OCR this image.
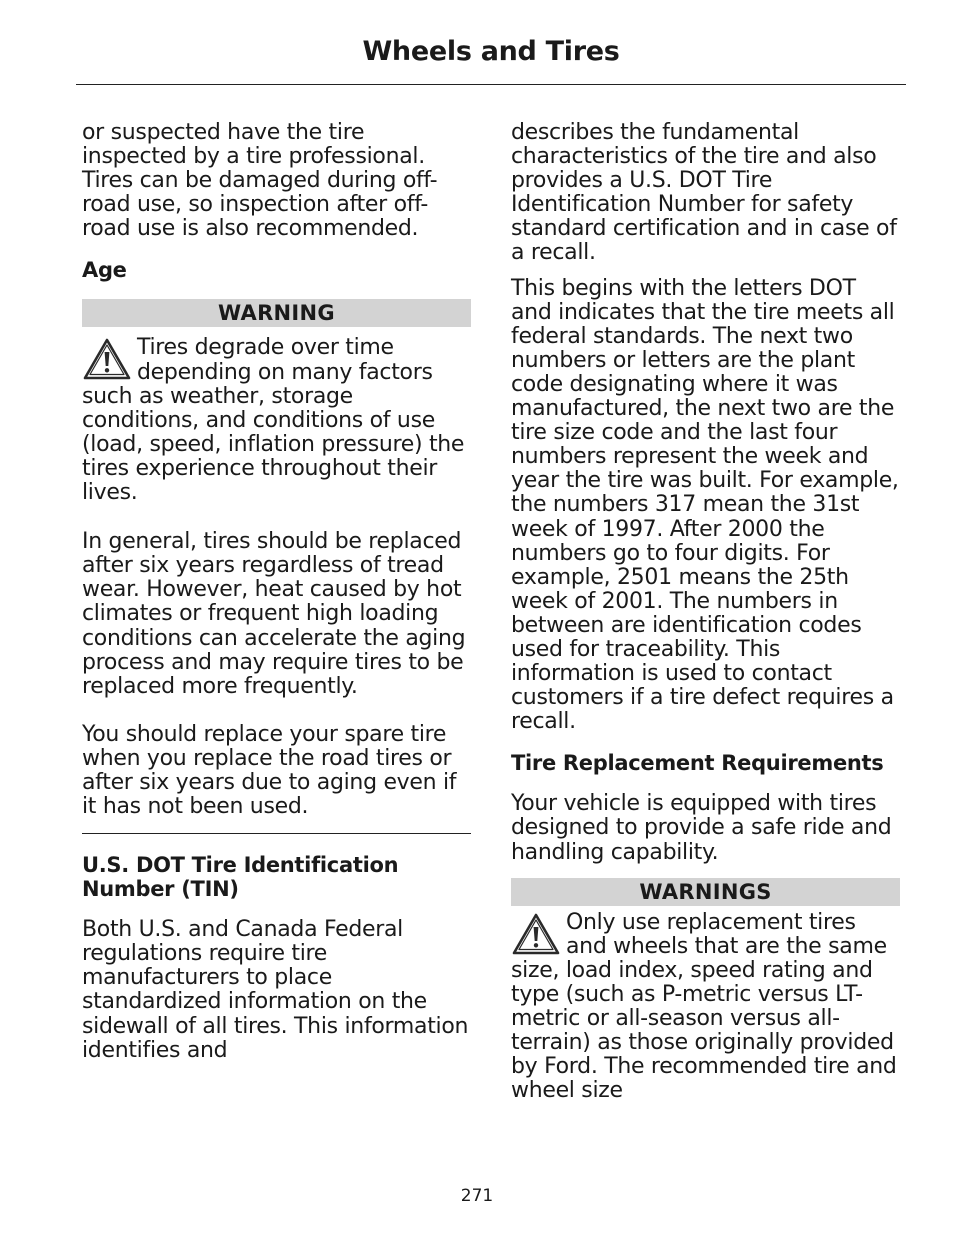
Wheels and Tires

or suspected have the tire inspected by a tire professional. Tires can be damaged during off-road use, so inspection after off-road use is also recommended.

Age
WARNING

Tires degrade over time depending on many factors such as weather, storage conditions, and conditions of use (load, speed, inflation pressure) the tires experience throughout their lives.

In general, tires should be replaced after six years regardless of tread wear. However, heat caused by hot climates or frequent high loading conditions can accelerate the aging process and may require tires to be replaced more frequently.

You should replace your spare tire when you replace the road tires or after six years due to aging even if it has not been used.

U.S. DOT Tire Identification Number (TIN)

Both U.S. and Canada Federal regulations require tire manufacturers to place standardized information on the sidewall of all tires. This information identifies and

describes the fundamental characteristics of the tire and also provides a U.S. DOT Tire Identification Number for safety standard certification and in case of a recall.

This begins with the letters DOT and indicates that the tire meets all federal standards. The next two numbers or letters are the plant code designating where it was manufactured, the next two are the tire size code and the last four numbers represent the week and year the tire was built. For example, the numbers 317 mean the 31st week of 1997. After 2000 the numbers go to four digits. For example, 2501 means the 25th week of 2001. The numbers in between are identification codes used for traceability. This information is used to contact customers if a tire defect requires a recall.

Tire Replacement Requirements

Your vehicle is equipped with tires designed to provide a safe ride and handling capability.

WARNINGS

Only use replacement tires and wheels that are the same size, load index, speed rating and type (such as P-metric versus LT-metric or all-season versus all-terrain) as those originally provided by Ford. The recommended tire and wheel size

271
